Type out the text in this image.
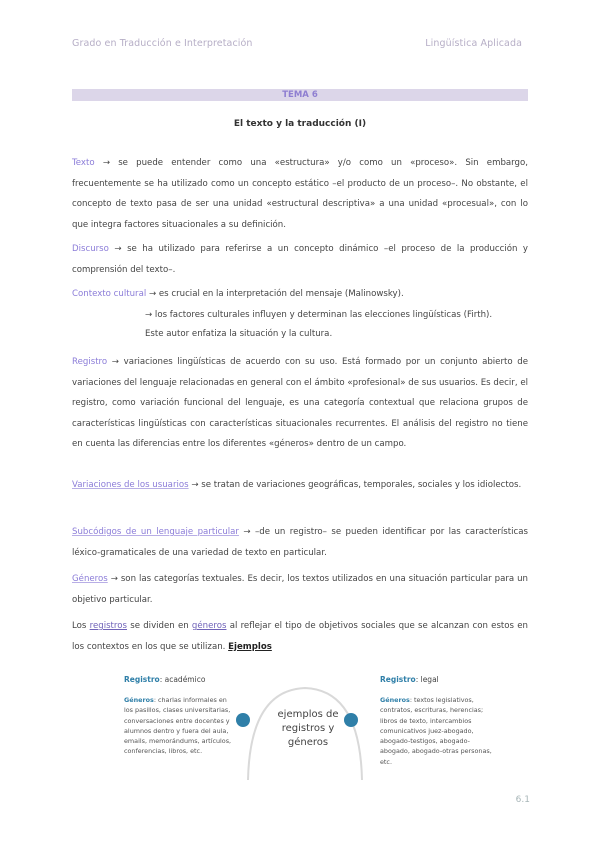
Grado en Traducción e Interpretación	Lingüística Aplicada
TEMA 6
El texto y la traducción (I)

Texto → se puede entender como una «estructura» y/o como un «proceso». Sin embargo, frecuentemente se ha utilizado como un concepto estático –el producto de un proceso–. No obstante, el concepto de texto pasa de ser una unidad «estructural descriptiva» a una unidad «procesual», con lo que integra factores situacionales a su definición.

Discurso → se ha utilizado para referirse a un concepto dinámico –el proceso de la producción y comprensión del texto–.

Contexto cultural → es crucial en la interpretación del mensaje (Malinowsky).

→ los factores culturales influyen y determinan las elecciones lingüísticas (Firth).
Este autor enfatiza la situación y la cultura.

Registro → variaciones lingüísticas de acuerdo con su uso. Está formado por un conjunto abierto de variaciones del lenguaje relacionadas en general con el ámbito «profesional» de sus usuarios. Es decir, el registro, como variación funcional del lenguaje, es una categoría contextual que relaciona grupos de características lingüísticas con características situacionales recurrentes. El análisis del registro no tiene en cuenta las diferencias entre los diferentes «géneros» dentro de un campo.

Variaciones de los usuarios → se tratan de variaciones geográficas, temporales, sociales y los idiolectos.

Subcódigos de un lenguaje particular → –de un registro– se pueden identificar por las características léxico-gramaticales de una variedad de texto en particular.

Géneros → son las categorías textuales. Es decir, los textos utilizados en una situación particular para un objetivo particular.

Los registros se dividen en géneros al reflejar el tipo de objetivos sociales que se alcanzan con estos en los contextos en los que se utilizan. Ejemplos

ejemplos de
registros y
géneros
Registro: académico
Géneros: charlas informales en los pasillos, clases universitarias, conversaciones entre docentes y alumnos dentro y fuera del aula, emails, memorándums, artículos, conferencias, libros, etc.
Registro: legal
Géneros: textos legislativos, contratos, escrituras, herencias; libros de texto, intercambios comunicativos juez-abogado, abogado-testigos, abogado-abogado, abogado-otras personas, etc.
6.1
